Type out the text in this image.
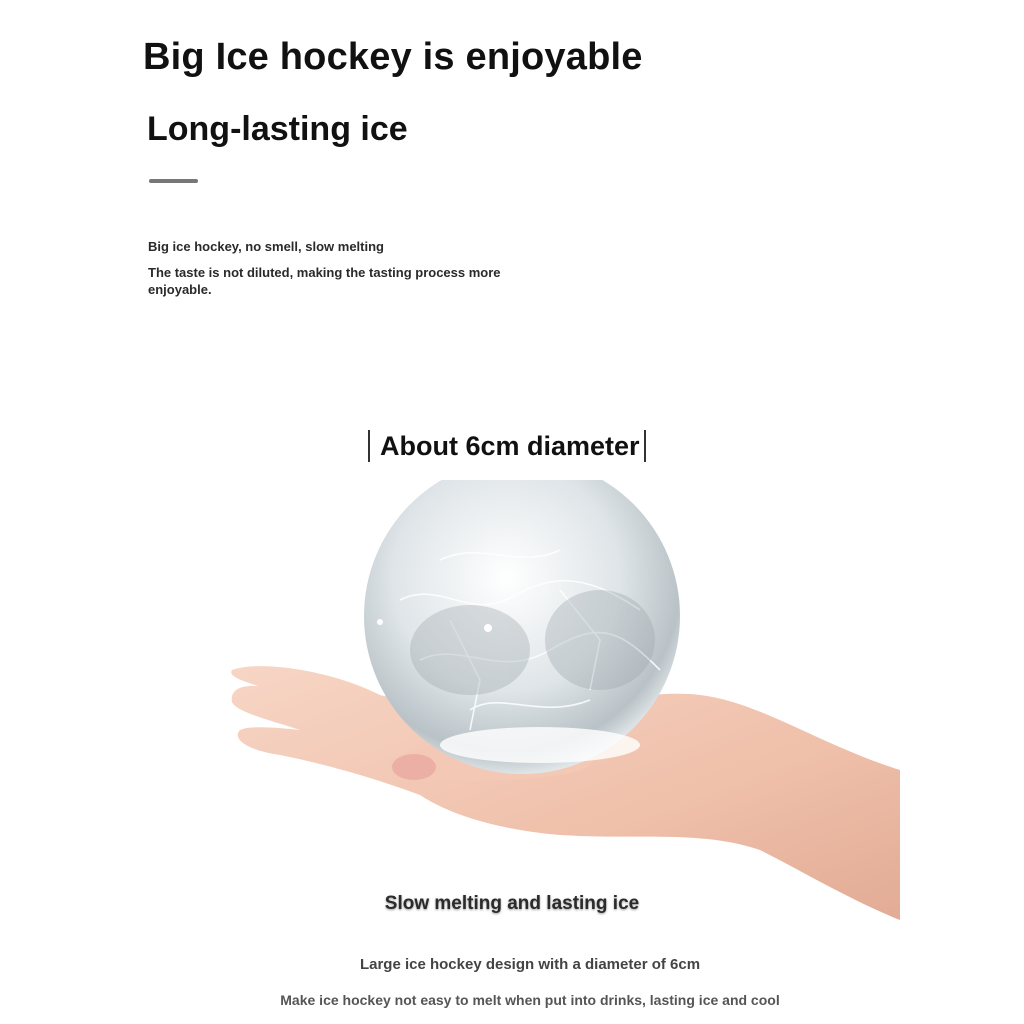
Big Ice hockey is enjoyable
Long-lasting ice
Big ice hockey, no smell, slow melting
The taste is not diluted, making the tasting process more enjoyable.
About 6cm diameter
Slow melting and lasting ice
Large ice hockey design with a diameter of 6cm
Make ice hockey not easy to melt when put into drinks, lasting ice and cool
